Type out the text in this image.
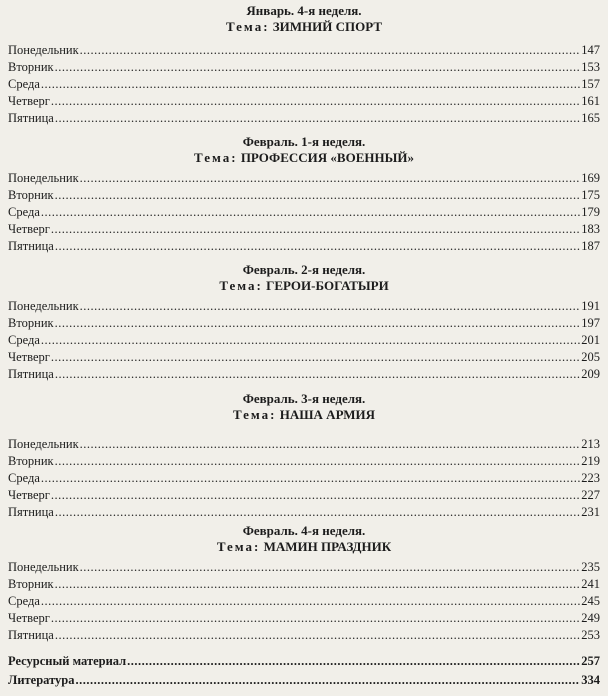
Январь. 4-я неделя.
Тема: ЗИМНИЙ СПОРТ
Понедельник .....	147
Вторник .....	153
Среда .....	157
Четверг .....	161
Пятница .....	165
Февраль. 1-я неделя.
Тема: ПРОФЕССИЯ «ВОЕННЫЙ»
Понедельник .....	169
Вторник .....	175
Среда .....	179
Четверг .....	183
Пятница .....	187
Февраль. 2-я неделя.
Тема: ГЕРОИ-БОГАТЫРИ
Понедельник .....	191
Вторник .....	197
Среда .....	201
Четверг .....	205
Пятница .....	209
Февраль. 3-я неделя.
Тема: НАША АРМИЯ
Понедельник .....	213
Вторник .....	219
Среда .....	223
Четверг .....	227
Пятница .....	231
Февраль. 4-я неделя.
Тема: МАМИН ПРАЗДНИК
Понедельник .....	235
Вторник .....	241
Среда .....	245
Четверг .....	249
Пятница .....	253
Ресурсный материал .....	257
Литература .....	334
